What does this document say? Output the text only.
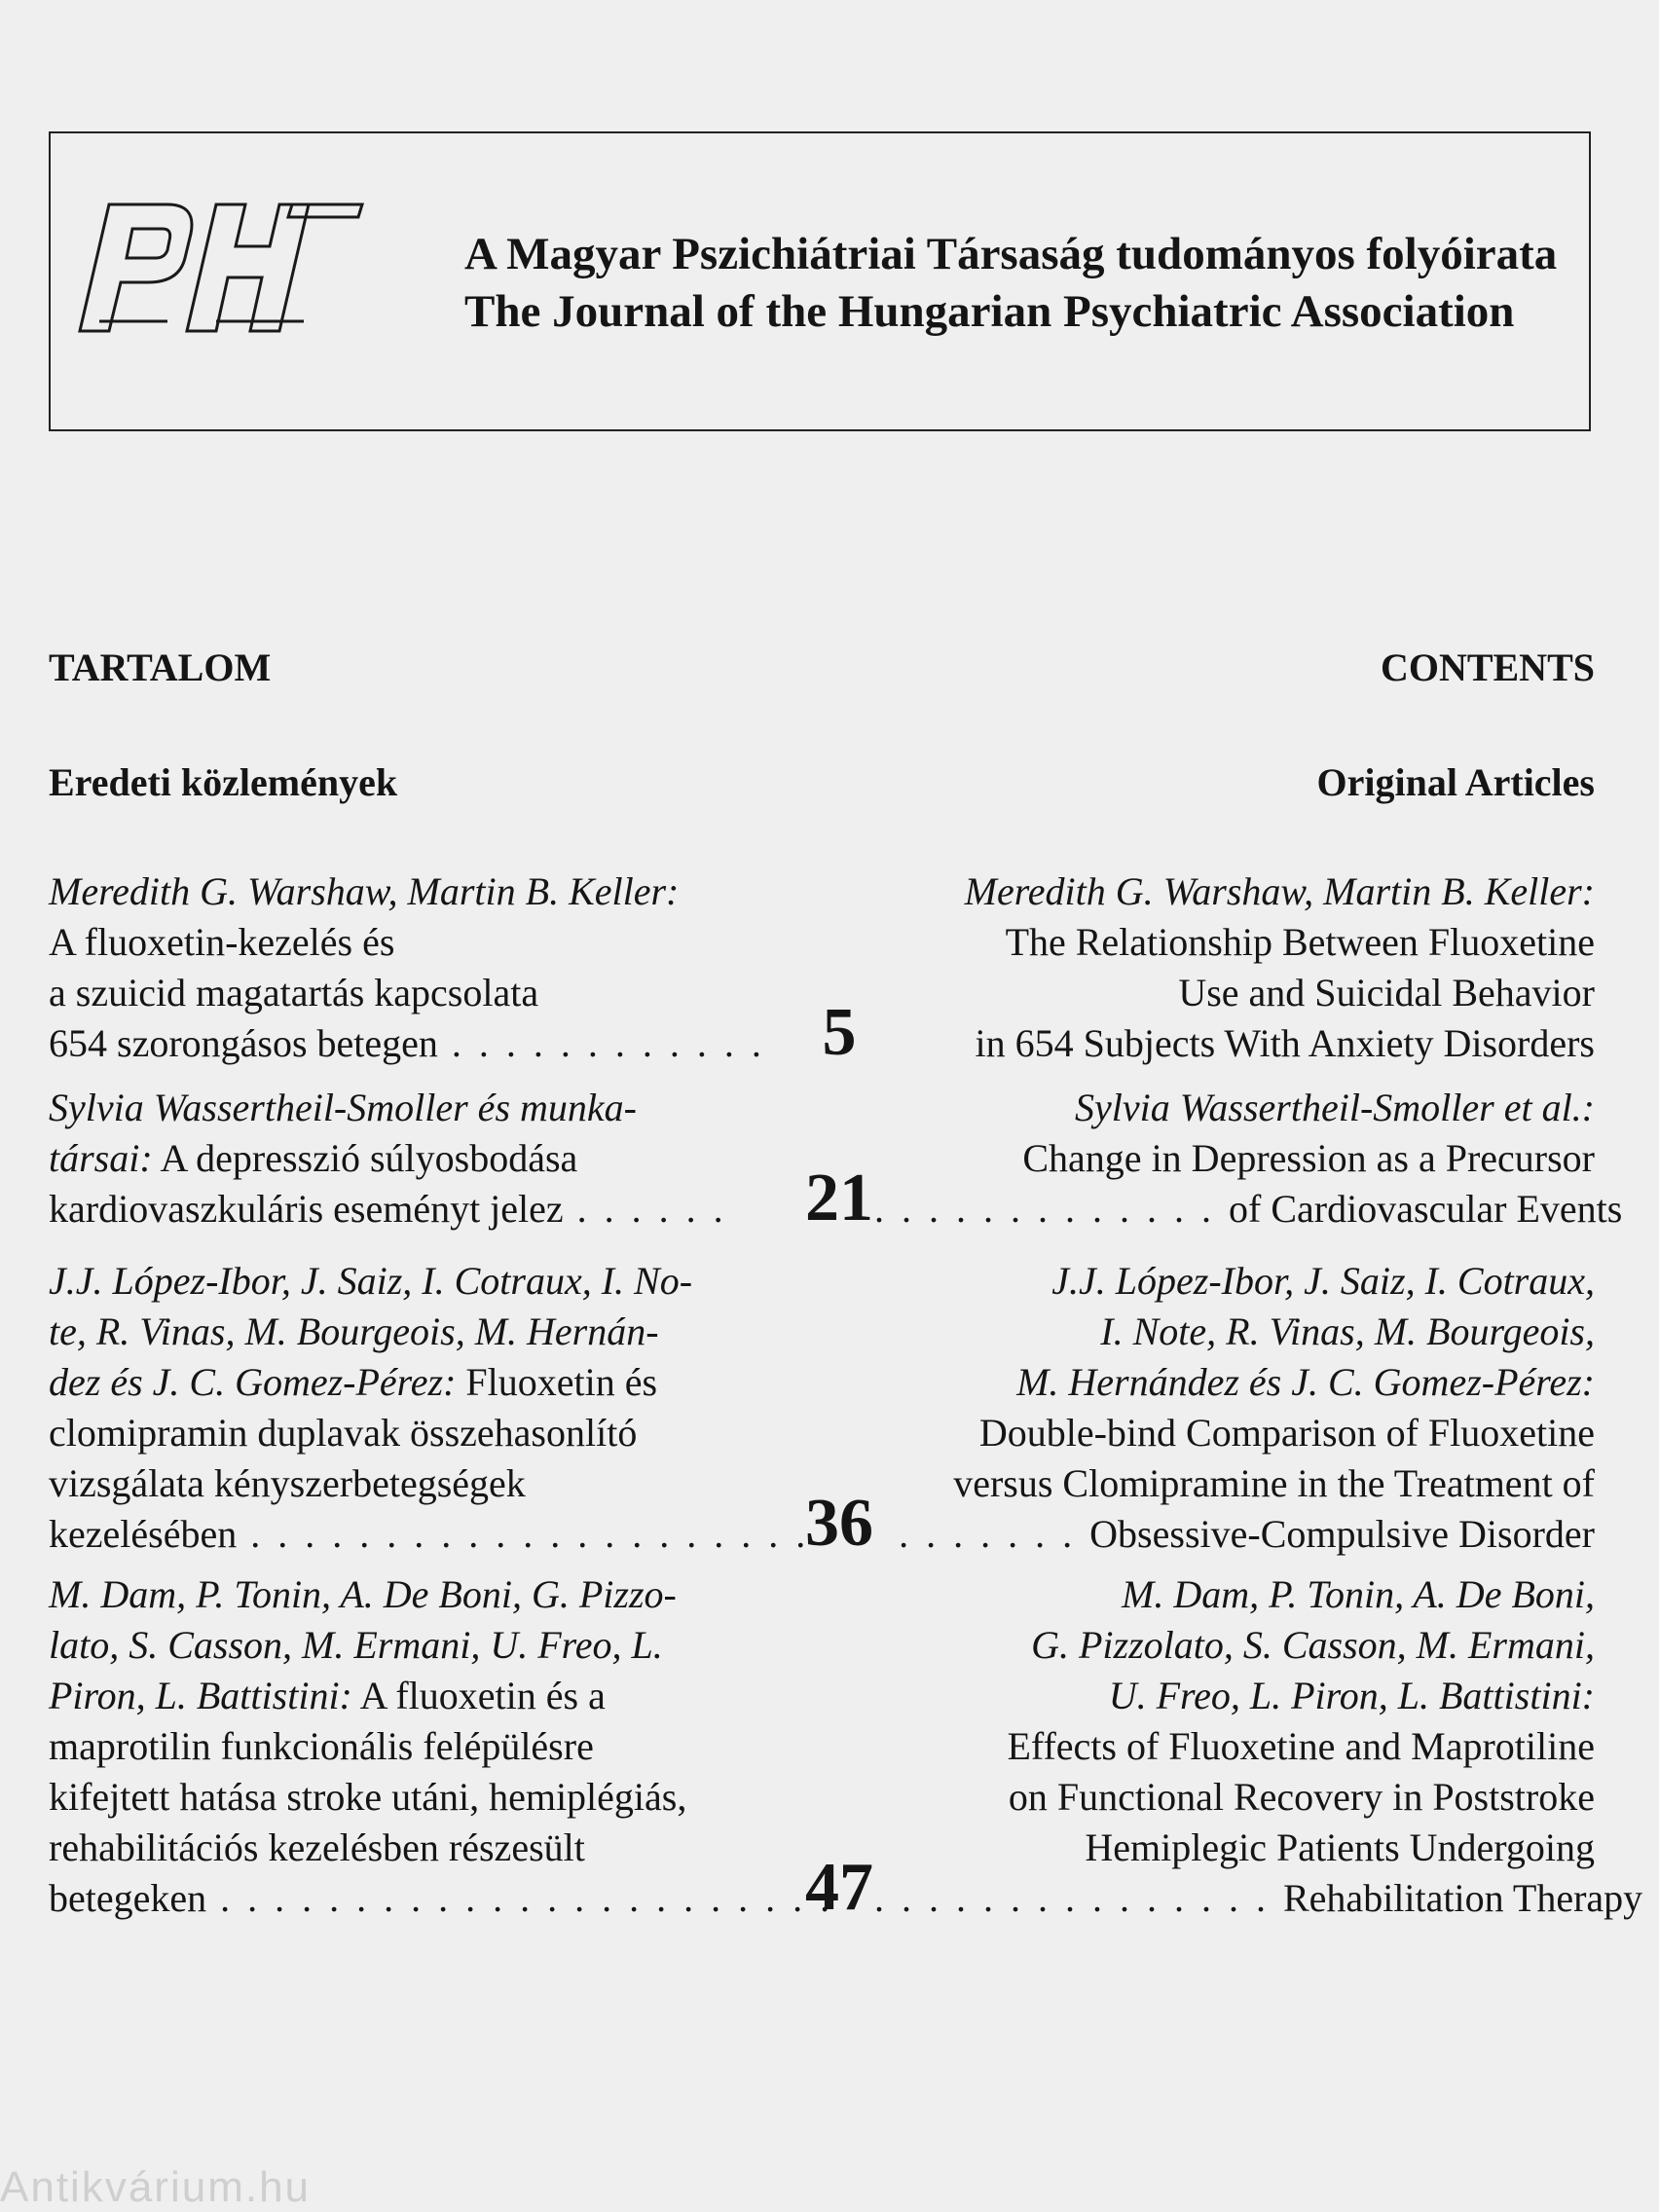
A Magyar Pszichiátriai Társaság tudományos folyóirata
The Journal of the Hungarian Psychiatric Association
TARTALOM	CONTENTS
Eredeti közlemények	Original Articles
Meredith G. Warshaw, Martin B. Keller:
A fluoxetin-kezelés és
a szuicid magatartás kapcsolata
654 szorongásos betegen . . . . . . . . . . . .
Meredith G. Warshaw, Martin B. Keller:
The Relationship Between Fluoxetine
Use and Suicidal Behavior
in 654 Subjects With Anxiety Disorders
5
Sylvia Wassertheil-Smoller és munka-
társai: A depresszió súlyosbodása
kardiovaszkuláris eseményt jelez . . . . . .
Sylvia Wassertheil-Smoller et al.:
Change in Depression as a Precursor
. . . . . . . . . . . . . of Cardiovascular Events
21
J.J. López-Ibor, J. Saiz, I. Cotraux, I. No-
te, R. Vinas, M. Bourgeois, M. Hernán-
dez és J. C. Gomez-Pérez: Fluoxetin és
clomipramin duplavak összehasonlító
vizsgálata kényszerbetegségek
kezelésében . . . . . . . . . . . . . . . . . . . . .
J.J. López-Ibor, J. Saiz, I. Cotraux,
I. Note, R. Vinas, M. Bourgeois,
M. Hernández és J. C. Gomez-Pérez:
Double-bind Comparison of Fluoxetine
versus Clomipramine in the Treatment of
. . . . . . . Obsessive-Compulsive Disorder
36
M. Dam, P. Tonin, A. De Boni, G. Pizzo-
lato, S. Casson, M. Ermani, U. Freo, L.
Piron, L. Battistini: A fluoxetin és a
maprotilin funkcionális felépülésre
kifejtett hatása stroke utáni, hemiplégiás,
rehabilitációs kezelésben részesült
betegeken . . . . . . . . . . . . . . . . . . . . . . .
M. Dam, P. Tonin, A. De Boni,
G. Pizzolato, S. Casson, M. Ermani,
U. Freo, L. Piron, L. Battistini:
Effects of Fluoxetine and Maprotiline
on Functional Recovery in Poststroke
Hemiplegic Patients Undergoing
. . . . . . . . . . . . . . . Rehabilitation Therapy
47
Antikvárium.hu
